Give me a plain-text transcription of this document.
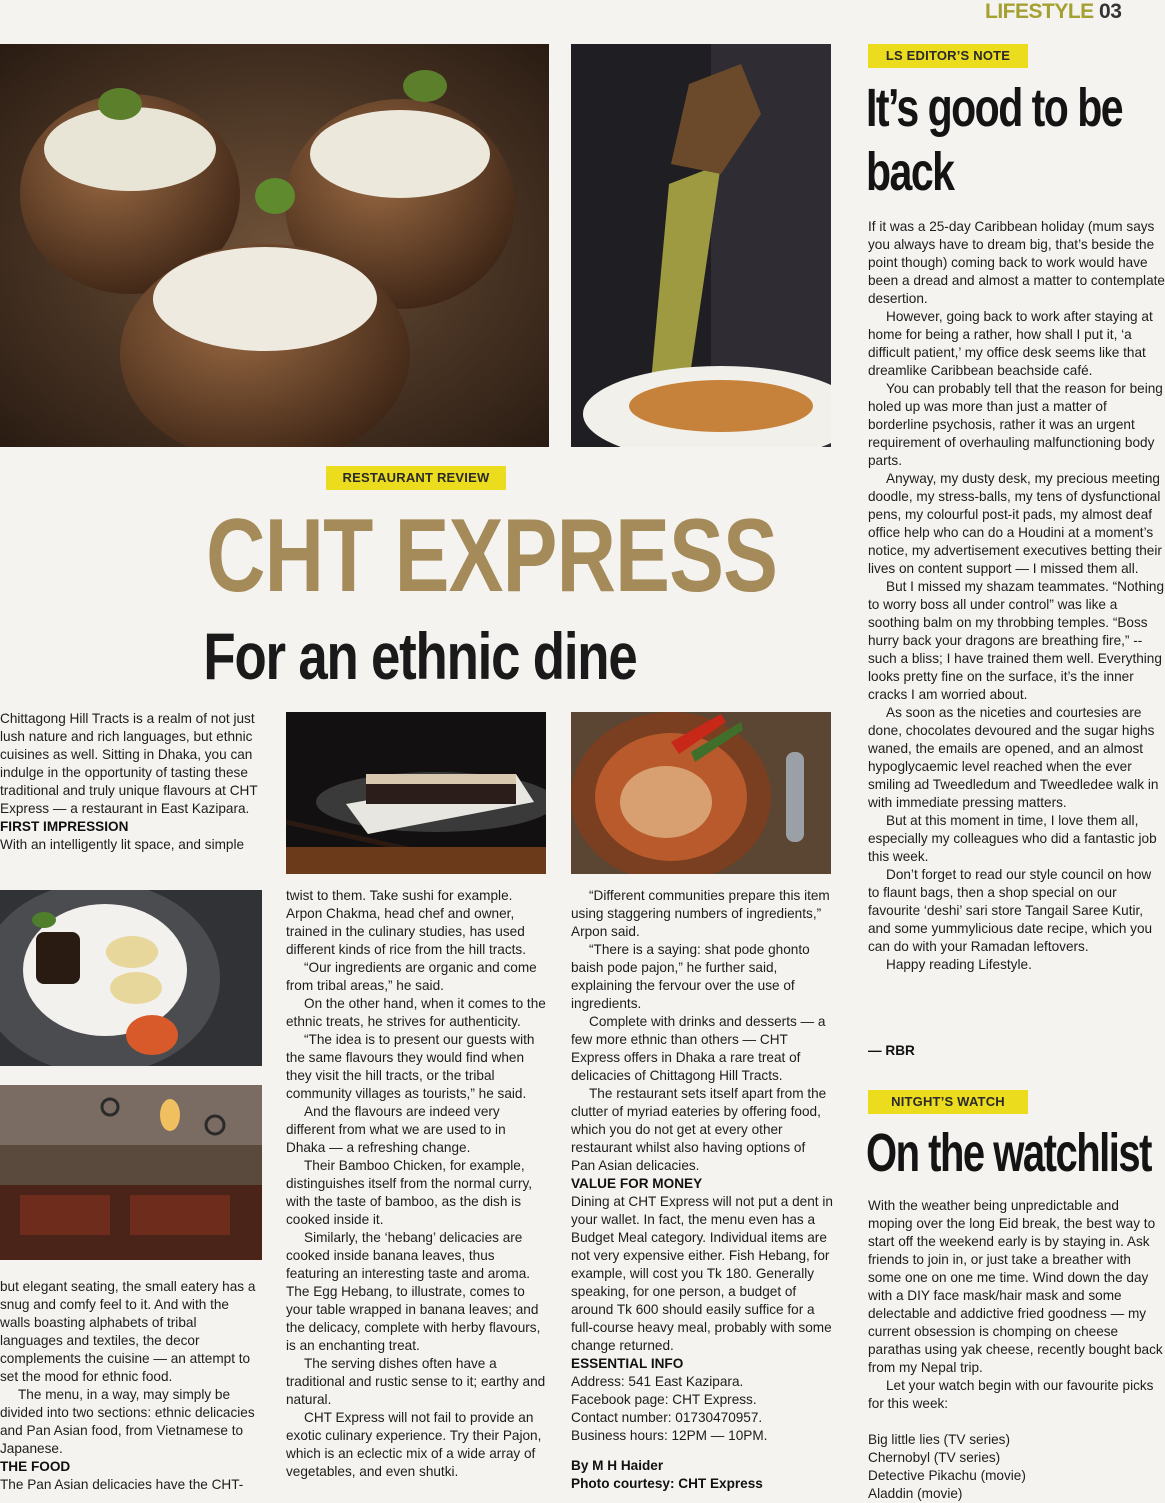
LIFESTYLE 03
RESTAURANT REVIEW
CHT EXPRESS
For an ethnic dine

Chittagong Hill Tracts is a realm of not just lush nature and rich languages, but ethnic cuisines as well. Sitting in Dhaka, you can indulge in the opportunity of tasting these traditional and truly unique flavours at CHT Express — a restaurant in East Kazipara.

FIRST IMPRESSION

With an intelligently lit space, and simple

but elegant seating, the small eatery has a snug and comfy feel to it. And with the walls boasting alphabets of tribal languages and textiles, the decor complements the cuisine — an attempt to set the mood for ethnic food.

The menu, in a way, may simply be divided into two sections: ethnic delicacies and Pan Asian food, from Vietnamese to Japanese.

THE FOOD

The Pan Asian delicacies have the CHT-

twist to them. Take sushi for example. Arpon Chakma, head chef and owner, trained in the culinary studies, has used different kinds of rice from the hill tracts.

“Our ingredients are organic and come from tribal areas,” he said.

On the other hand, when it comes to the ethnic treats, he strives for authenticity.

“The idea is to present our guests with the same flavours they would find when they visit the hill tracts, or the tribal community villages as tourists,” he said.

And the flavours are indeed very different from what we are used to in Dhaka — a refreshing change.

Their Bamboo Chicken, for example, distinguishes itself from the normal curry, with the taste of bamboo, as the dish is cooked inside it.

Similarly, the ‘hebang’ delicacies are cooked inside banana leaves, thus featuring an interesting taste and aroma. The Egg Hebang, to illustrate, comes to your table wrapped in banana leaves; and the delicacy, complete with herby flavours, is an enchanting treat.

The serving dishes often have a traditional and rustic sense to it; earthy and natural.

CHT Express will not fail to provide an exotic culinary experience. Try their Pajon, which is an eclectic mix of a wide array of vegetables, and even shutki.

“Different communities prepare this item using staggering numbers of ingredients,” Arpon said.

“There is a saying: shat pode ghonto baish pode pajon,” he further said, explaining the fervour over the use of ingredients.

Complete with drinks and desserts — a few more ethnic than others — CHT Express offers in Dhaka a rare treat of delicacies of Chittagong Hill Tracts.

The restaurant sets itself apart from the clutter of myriad eateries by offering food, which you do not get at every other restaurant whilst also having options of Pan Asian delicacies.

VALUE FOR MONEY

Dining at CHT Express will not put a dent in your wallet. In fact, the menu even has a Budget Meal category. Individual items are not very expensive either. Fish Hebang, for example, will cost you Tk 180. Generally speaking, for one person, a budget of around Tk 600 should easily suffice for a full-course heavy meal, probably with some change returned.

ESSENTIAL INFO
Address: 541 East Kazipara.
Facebook page: CHT Express.
Contact number: 01730470957.
Business hours: 12PM — 10PM.
By M H Haider
Photo courtesy: CHT Express
LS EDITOR’S NOTE
It’s good to be
back

If it was a 25-day Caribbean holiday (mum says you always have to dream big, that’s beside the point though) coming back to work would have been a dread and almost a matter to contemplate desertion.

However, going back to work after staying at home for being a rather, how shall I put it, ‘a difficult patient,’ my office desk seems like that dreamlike Caribbean beachside café.

You can probably tell that the reason for being holed up was more than just a matter of borderline psychosis, rather it was an urgent requirement of overhauling malfunctioning body parts.

Anyway, my dusty desk, my precious meeting doodle, my stress-balls, my tens of dysfunctional pens, my colourful post-it pads, my almost deaf office help who can do a Houdini at a moment’s notice, my advertisement executives betting their lives on content support — I missed them all.

But I missed my shazam teammates. “Nothing to worry boss all under control” was like a soothing balm on my throbbing temples. “Boss hurry back your dragons are breathing fire,” --such a bliss; I have trained them well. Everything looks pretty fine on the surface, it’s the inner cracks I am worried about.

As soon as the niceties and courtesies are done, chocolates devoured and the sugar highs waned, the emails are opened, and an almost hypoglycaemic level reached when the ever smiling ad Tweedledum and Tweedledee walk in with immediate pressing matters.

But at this moment in time, I love them all, especially my colleagues who did a fantastic job this week.

Don’t forget to read our style council on how to flaunt bags, then a shop special on our favourite ‘deshi’ sari store Tangail Saree Kutir, and some yummylicious date recipe, which you can do with your Ramadan leftovers.

Happy reading Lifestyle.

— RBR
NITGHT’S WATCH
On the watchlist

With the weather being unpredictable and moping over the long Eid break, the best way to start off the weekend early is by staying in. Ask friends to join in, or just take a breather with some one on one me time. Wind down the day with a DIY face mask/hair mask and some delectable and addictive fried goodness — my current obsession is chomping on cheese parathas using yak cheese, recently bought back from my Nepal trip.

Let your watch begin with our favourite picks for this week:

Big little lies (TV series)
Chernobyl (TV series)
Detective Pikachu (movie)
Aladdin (movie)
